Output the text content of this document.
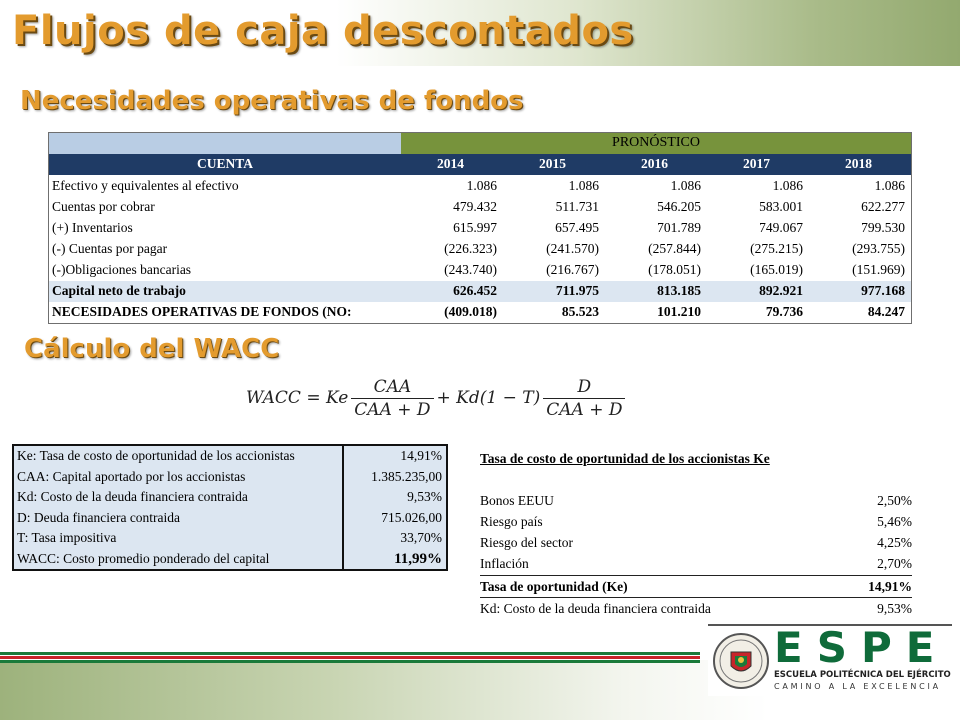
Flujos de caja descontados
Necesidades operativas de fondos
PRONÓSTICO
CUENTA	2014	2015	2016	2017	2018
Efectivo y equivalentes al efectivo	1.086	1.086	1.086	1.086	1.086
Cuentas por cobrar	479.432	511.731	546.205	583.001	622.277
(+) Inventarios	615.997	657.495	701.789	749.067	799.530
(-) Cuentas por pagar	(226.323)	(241.570)	(257.844)	(275.215)	(293.755)
(-)Obligaciones bancarias	(243.740)	(216.767)	(178.051)	(165.019)	(151.969)
Capital neto de trabajo	626.452	711.975	813.185	892.921	977.168
NECESIDADES OPERATIVAS DE FONDOS (NO:	(409.018)	85.523	101.210	79.736	84.247
Cálculo del WACC
WACC = Ke $\frac{\text{CAA}}{\text{CAA + D}} + Kd(1 - T) \frac{D}{\text{CAA + D}}$
Ke: Tasa de costo de oportunidad de los accionistas	14,91%
CAA: Capital aportado por los accionistas	1.385.235,00
Kd: Costo de la deuda financiera contraida	9,53%
D: Deuda financiera contraida	715.026,00
T: Tasa impositiva	33,70%
WACC: Costo promedio ponderado del capital	11,99%
Tasa de costo de oportunidad de los accionistas Ke
Bonos EEUU	2,50%
Riesgo país	5,46%
Riesgo del sector	4,25%
Inflación	2,70%
Tasa de oportunidad (Ke)	14,91%
Kd: Costo de la deuda financiera contraida	9,53%
ESPE
ESCUELA POLITÉCNICA DEL EJÉRCITO
CAMINO A LA EXCELENCIA
